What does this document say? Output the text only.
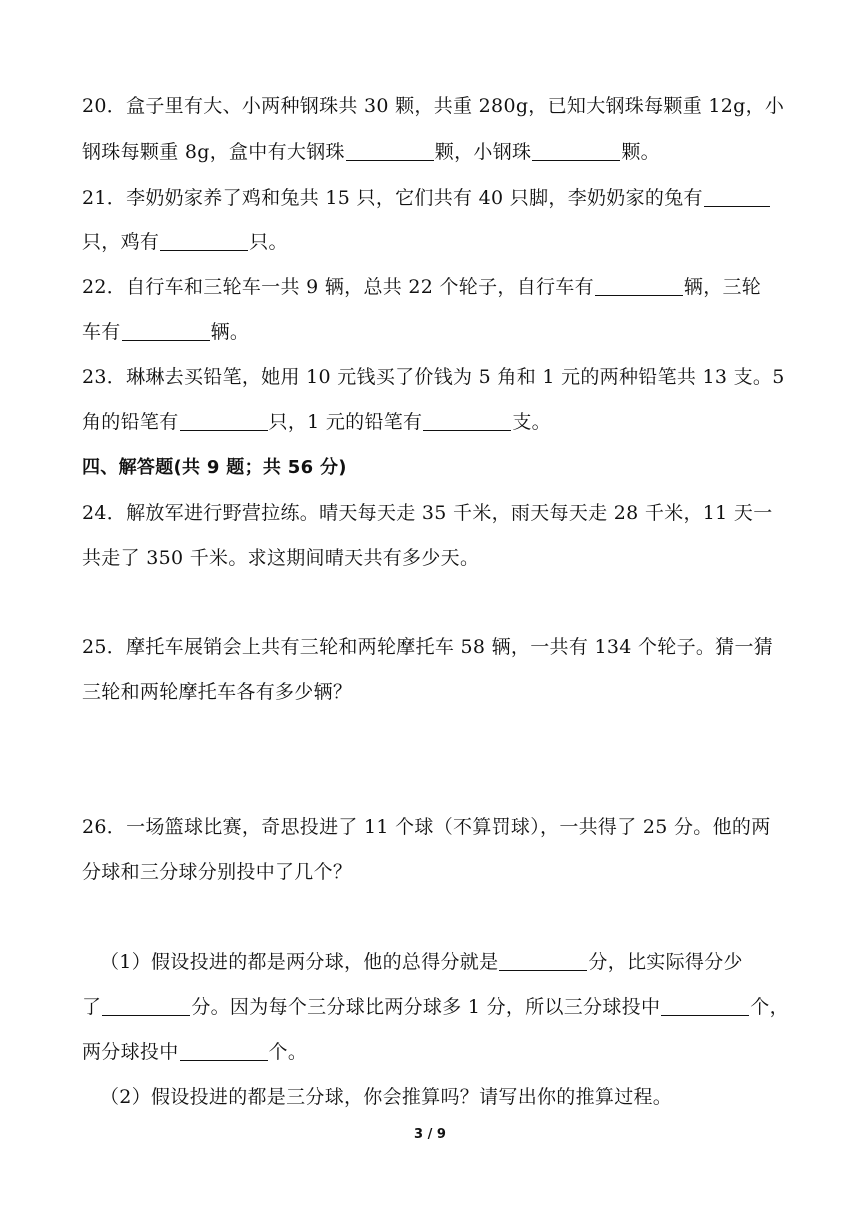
20．盒子里有大、小两种钢珠共 30 颗，共重 280g，已知大钢珠每颗重 12g，小
钢珠每颗重 8g，盒中有大钢珠	颗，小钢珠	颗。
21．李奶奶家养了鸡和兔共 15 只，它们共有 40 只脚，李奶奶家的兔有
只，鸡有	只。
22．自行车和三轮车一共 9 辆，总共 22 个轮子，自行车有	辆，三轮
车有	辆。
23．琳琳去买铅笔，她用 10 元钱买了价钱为 5 角和 1 元的两种铅笔共 13 支。5
角的铅笔有	只，1 元的铅笔有	支。
四、解答题(共 9 题；共 56 分)
24．解放军进行野营拉练。晴天每天走 35 千米，雨天每天走 28 千米，11 天一
共走了 350 千米。求这期间晴天共有多少天。
25．摩托车展销会上共有三轮和两轮摩托车 58 辆，一共有 134 个轮子。猜一猜
三轮和两轮摩托车各有多少辆？
26．一场篮球比赛，奇思投进了 11 个球（不算罚球），一共得了 25 分。他的两
分球和三分球分别投中了几个？
（1）假设投进的都是两分球，他的总得分就是	分，比实际得分少
了	分。因为每个三分球比两分球多 1 分，所以三分球投中	个，
两分球投中	个。
（2）假设投进的都是三分球，你会推算吗？请写出你的推算过程。
3 / 9
